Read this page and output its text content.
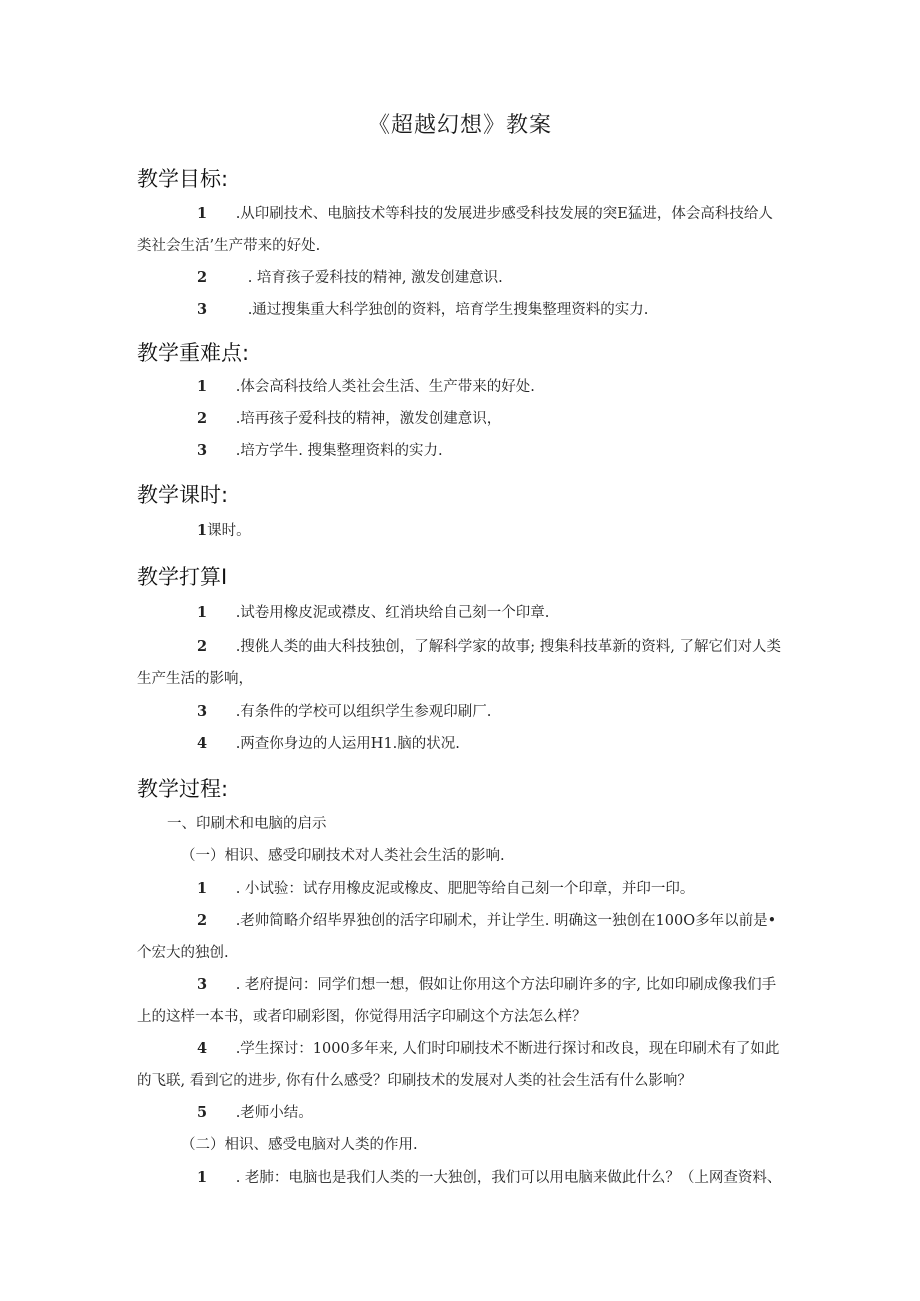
《超越幻想》教案
教学目标:
1 .从印刷技术、电脑技术等科技的发展进步感受科技发展的突E猛进，体会高科技给人类社会生活’生产带来的好处.
2	. 培育孩子爱科技的精神, 激发创建意识.
3	.通过搜集重大科学独创的资料，培育学生搜集整理资料的实力.
教学重难点:
1 .体会高科技给人类社会生活、生产带来的好处.
2 .培再孩子爱科技的精神，激发创建意识，
3 .培方学牛. 搜集整理资料的实力.
教学课时:
1课时。
教学打算I
1 .试卷用橡皮泥或襟皮、红消块给自己刻一个印章.
2 .搜佻人类的曲大科技独创，了解科学家的故事; 搜集科技革新的资料, 了解它们对人类生产生活的影响，
3 .有条件的学校可以组织学生参观印刷厂.
4 .两查你身边的人运用H1.脑的状况.
教学过程:
一、印刷术和电脑的启示
（一）相识、感受印刷技术对人类社会生活的影响.
1 . 小试验：试存用橡皮泥或橡皮、肥肥等给自己刻一个印章，并印一印。
2 .老帅简略介绍毕界独创的活字印刷术，并让学生. 明确这一独创在100O多年以前是•个宏大的独创.
3 . 老府提问：同学们想一想，假如让你用这个方法印刷许多的字, 比如印刷成像我们手上的这样一本书，或者印刷彩图，你觉得用活字印刷这个方法怎么样？
4 .学生探讨：1000多年来, 人们时印刷技术不断进行探讨和改良，现在印刷术有了如此的飞联, 看到它的进步, 你有什么感受？印刷技术的发展对人类的社会生活有什么影响？
5 .老师小结。
（二）相识、感受电脑对人类的作用.
1 . 老肺：电脑也是我们人类的一大独创，我们可以用电脑来做此什么？（上网查资料、
